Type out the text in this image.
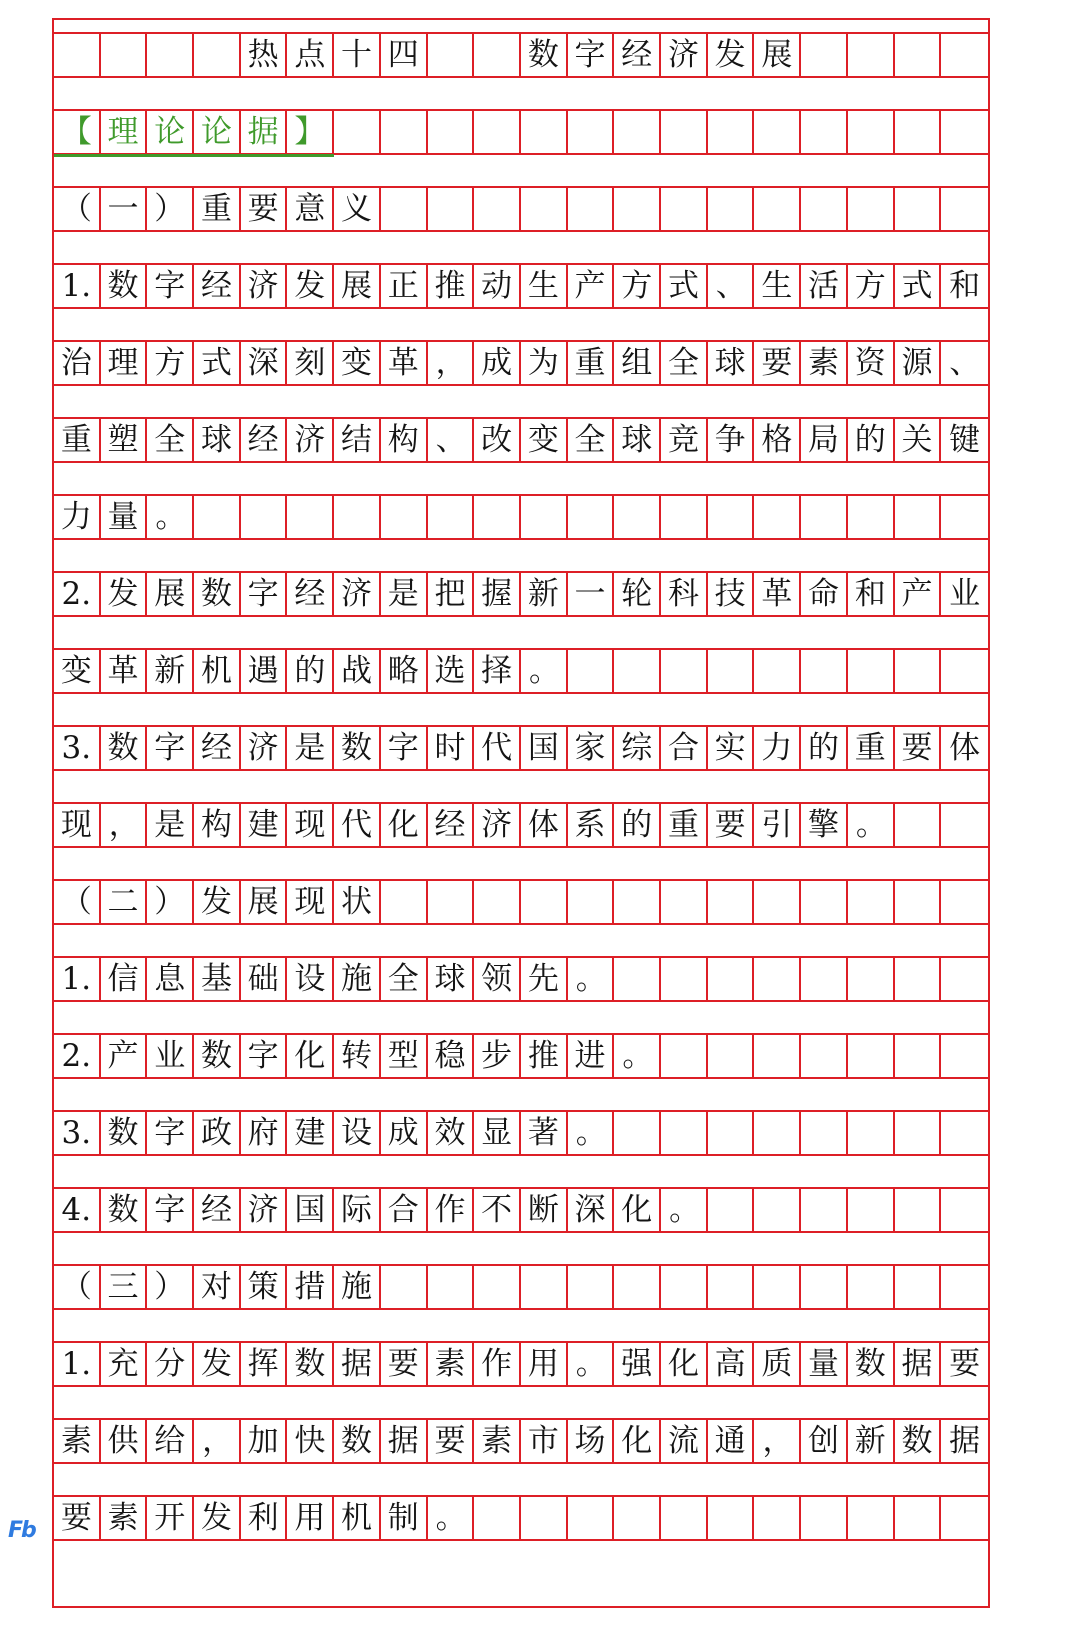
热 点 十 四	数 字 经 济 发 展
【 理 论 论 据 】
（ 一 ） 重 要 意 义
1. 数 字 经 济 发 展 正 推 动 生 产 方 式 、 生 活 方 式 和
治 理 方 式 深 刻 变 革 ， 成 为 重 组 全 球 要 素 资 源 、
重 塑 全 球 经 济 结 构 、 改 变 全 球 竞 争 格 局 的 关 键
力 量 。
2. 发 展 数 字 经 济 是 把 握 新 一 轮 科 技 革 命 和 产 业
变 革 新 机 遇 的 战 略 选 择 。
3. 数 字 经 济 是 数 字 时 代 国 家 综 合 实 力 的 重 要 体
现 ， 是 构 建 现 代 化 经 济 体 系 的 重 要 引 擎 。
（ 二 ） 发 展 现 状
1. 信 息 基 础 设 施 全 球 领 先 。
2. 产 业 数 字 化 转 型 稳 步 推 进 。
3. 数 字 政 府 建 设 成 效 显 著 。
4. 数 字 经 济 国 际 合 作 不 断 深 化 。
（ 三 ） 对 策 措 施
1. 充 分 发 挥 数 据 要 素 作 用 。 强 化 高 质 量 数 据 要
素 供 给 ， 加 快 数 据 要 素 市 场 化 流 通 ， 创 新 数 据
要 素 开 发 利 用 机 制 。
Fb
